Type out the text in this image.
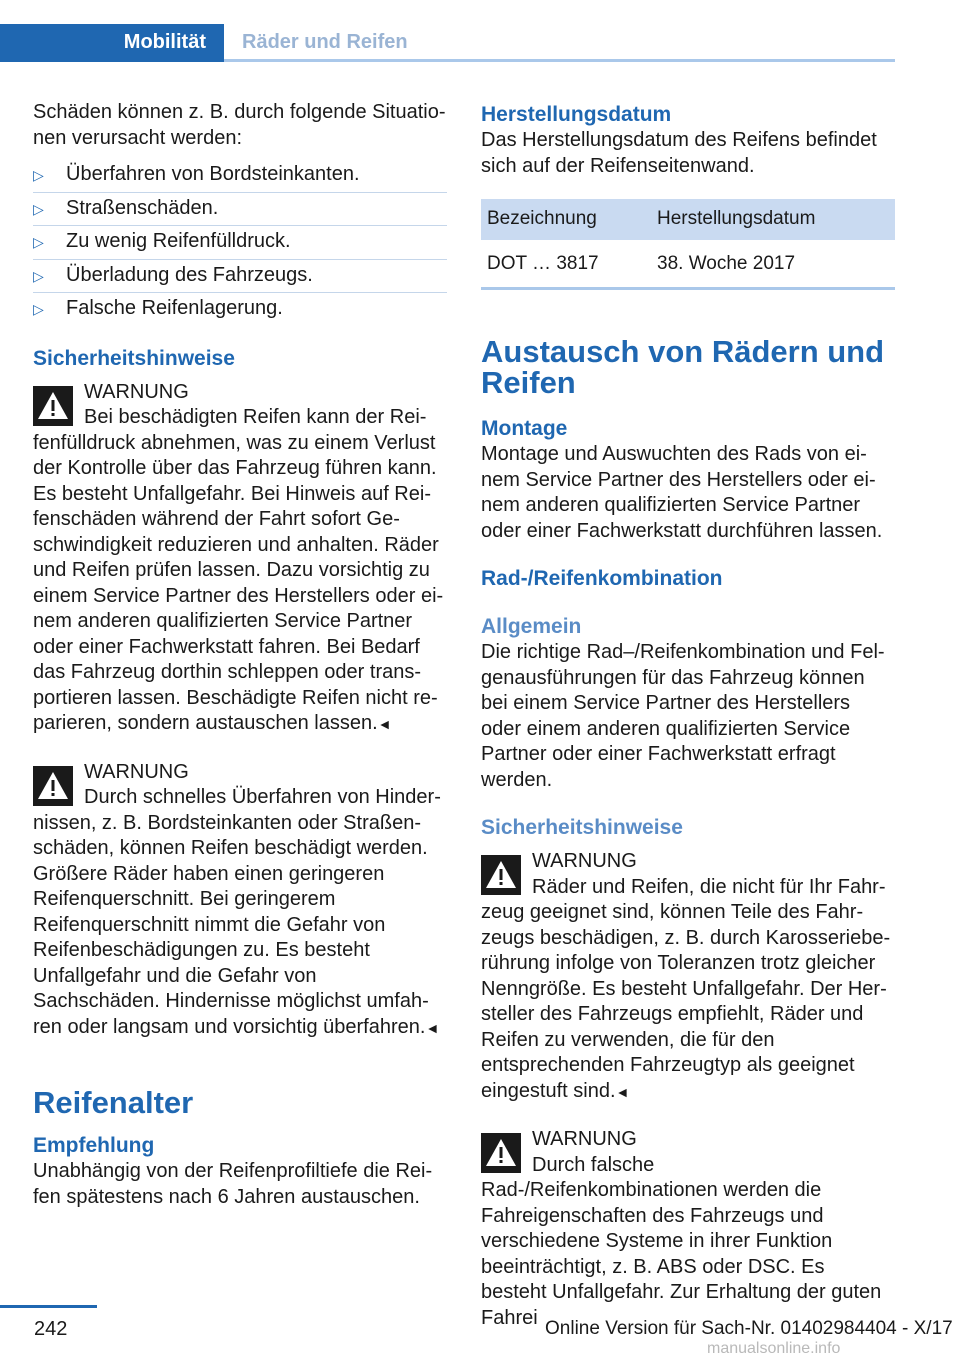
Mobilität	Räder und Reifen

Schäden können z. B. durch folgende Situationen verursacht werden:

▷ Überfahren von Bordsteinkanten.
▷ Straßenschäden.
▷ Zu wenig Reifenfülldruck.
▷ Überladung des Fahrzeugs.
▷ Falsche Reifenlagerung.
Sicherheitshinweise
WARNUNG
Bei beschädigten Reifen kann der Reifenfülldruck abnehmen, was zu einem Verlust der Kontrolle über das Fahrzeug führen kann. Es besteht Unfallgefahr. Bei Hinweis auf Reifenschäden während der Fahrt sofort Geschwindigkeit reduzieren und anhalten. Räder und Reifen prüfen lassen. Dazu vorsichtig zu einem Service Partner des Herstellers oder einem anderen qualifizierten Service Partner oder einer Fachwerkstatt fahren. Bei Bedarf das Fahrzeug dorthin schleppen oder transportieren lassen. Beschädigte Reifen nicht reparieren, sondern austauschen lassen.◄
WARNUNG
Durch schnelles Überfahren von Hindernissen, z. B. Bordsteinkanten oder Straßenschäden, können Reifen beschädigt werden. Größere Räder haben einen geringeren Reifenquerschnitt. Bei geringerem Reifenquerschnitt nimmt die Gefahr von Reifenbeschädigungen zu. Es besteht Unfallgefahr und die Gefahr von Sachschäden. Hindernisse möglichst umfahren oder langsam und vorsichtig überfahren.◄
Reifenalter
Empfehlung

Unabhängig von der Reifenprofiltiefe die Reifen spätestens nach 6 Jahren austauschen.

Herstellungsdatum

Das Herstellungsdatum des Reifens befindet sich auf der Reifenseitenwand.

Bezeichnung	Herstellungsdatum
DOT … 3817	38. Woche 2017
Austausch von Rädern und Reifen
Montage

Montage und Auswuchten des Rads von einem Service Partner des Herstellers oder einem anderen qualifizierten Service Partner oder einer Fachwerkstatt durchführen lassen.

Rad-/Reifenkombination
Allgemein

Die richtige Rad–/Reifenkombination und Felgenausführungen für das Fahrzeug können bei einem Service Partner des Herstellers oder einem anderen qualifizierten Service Partner oder einer Fachwerkstatt erfragt werden.

Sicherheitshinweise
WARNUNG
Räder und Reifen, die nicht für Ihr Fahrzeug geeignet sind, können Teile des Fahrzeugs beschädigen, z. B. durch Karosserieberührung infolge von Toleranzen trotz gleicher Nenngröße. Es besteht Unfallgefahr. Der Hersteller des Fahrzeugs empfiehlt, Räder und Reifen zu verwenden, die für den entsprechenden Fahrzeugtyp als geeignet eingestuft sind.◄
WARNUNG
Durch falsche Rad-/Reifenkombinationen werden die Fahreigenschaften des Fahrzeugs und verschiedene Systeme in ihrer Funktion beeinträchtigt, z. B. ABS oder DSC. Es besteht Unfallgefahr. Zur Erhaltung der guten Fahrei
242	Online Version für Sach-Nr. 01402984404 - X/17
manualsonline.info
